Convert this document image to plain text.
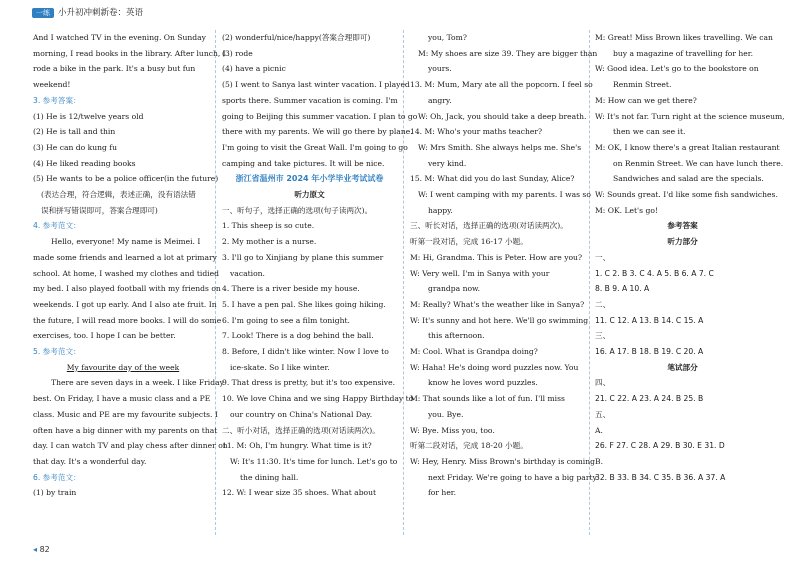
一练 小升初冲刺新卷：英语

And I watched TV in the evening. On Sunday

morning, I read books in the library. After lunch, I

rode a bike in the park. It's a busy but fun

weekend!

3. 参考答案：

(1) He is 12/twelve years old

(2) He is tall and thin

(3) He can do kung fu

(4) He liked reading books

(5) He wants to be a police officer(in the future)

(表达合理，符合逻辑，表述正确，没有语法错

误和拼写错误即可，答案合理即可)

4. 参考范文：

Hello, everyone! My name is Meimei. I

made some friends and learned a lot at primary

school. At home, I washed my clothes and tidied

my bed. I also played football with my friends on

weekends. I got up early. And I also ate fruit. In

the future, I will read more books. I will do some

exercises, too. I hope I can be better.

5. 参考范文：

My favourite day of the week

There are seven days in a week. I like Friday

best. On Friday, I have a music class and a PE

class. Music and PE are my favourite subjects. I

often have a big dinner with my parents on that

day. I can watch TV and play chess after dinner on

that day. It's a wonderful day.

6. 参考范文：

(1) by train

(2) wonderful/nice/happy(答案合理即可)

(3) rode

(4) have a picnic

(5) I went to Sanya last winter vacation. I played

sports there. Summer vacation is coming. I'm

going to Beijing this summer vacation. I plan to go

there with my parents. We will go there by plane.

I'm going to visit the Great Wall. I'm going to go

camping and take pictures. It will be nice.

浙江省温州市 2024 年小学毕业考试试卷

听力原文

一、听句子，选择正确的选项(句子读两次)。

1. This sheep is so cute.

2. My mother is a nurse.

3. I'll go to Xinjiang by plane this summer

vacation.

4. There is a river beside my house.

5. I have a pen pal. She likes going hiking.

6. I'm going to see a film tonight.

7. Look! There is a dog behind the ball.

8. Before, I didn't like winter. Now I love to

ice-skate. So I like winter.

9. That dress is pretty, but it's too expensive.

10. We love China and we sing Happy Birthday to

our country on China's National Day.

二、听小对话，选择正确的选项(对话读两次)。

11. M: Oh, I'm hungry. What time is it?

W: It's 11:30. It's time for lunch. Let's go to

the dining hall.

12. W: I wear size 35 shoes. What about

you, Tom?

M: My shoes are size 39. They are bigger than

yours.

13. M: Mum, Mary ate all the popcorn. I feel so

angry.

W: Oh, Jack, you should take a deep breath.

14. M: Who's your maths teacher?

W: Mrs Smith. She always helps me. She's

very kind.

15. M: What did you do last Sunday, Alice?

W: I went camping with my parents. I was so

happy.

三、听长对话，选择正确的选项(对话读两次)。

听第一段对话，完成 16-17 小题。

M: Hi, Grandma. This is Peter. How are you?

W: Very well. I'm in Sanya with your

grandpa now.

M: Really? What's the weather like in Sanya?

W: It's sunny and hot here. We'll go swimming

this afternoon.

M: Cool. What is Grandpa doing?

W: Haha! He's doing word puzzles now. You

know he loves word puzzles.

M: That sounds like a lot of fun. I'll miss

you. Bye.

W: Bye. Miss you, too.

听第二段对话，完成 18-20 小题。

W: Hey, Henry. Miss Brown's birthday is coming

next Friday. We're going to have a big party

for her.

M: Great! Miss Brown likes travelling. We can

buy a magazine of travelling for her.

W: Good idea. Let's go to the bookstore on

Renmin Street.

M: How can we get there?

W: It's not far. Turn right at the science museum,

then we can see it.

M: OK, I know there's a great Italian restaurant

on Renmin Street. We can have lunch there.

Sandwiches and salad are the specials.

W: Sounds great. I'd like some fish sandwiches.

M: OK. Let's go!

参考答案

听力部分

一、

1. C 2. B 3. C 4. A 5. B 6. A 7. C

8. B 9. A 10. A

二、

11. C 12. A 13. B 14. C 15. A

三、

16. A 17. B 18. B 19. C 20. A

笔试部分

四、

21. C 22. A 23. A 24. B 25. B

五、

A.

26. F 27. C 28. A 29. B 30. E 31. D

B.

32. B 33. B 34. C 35. B 36. A 37. A

◂ 82
